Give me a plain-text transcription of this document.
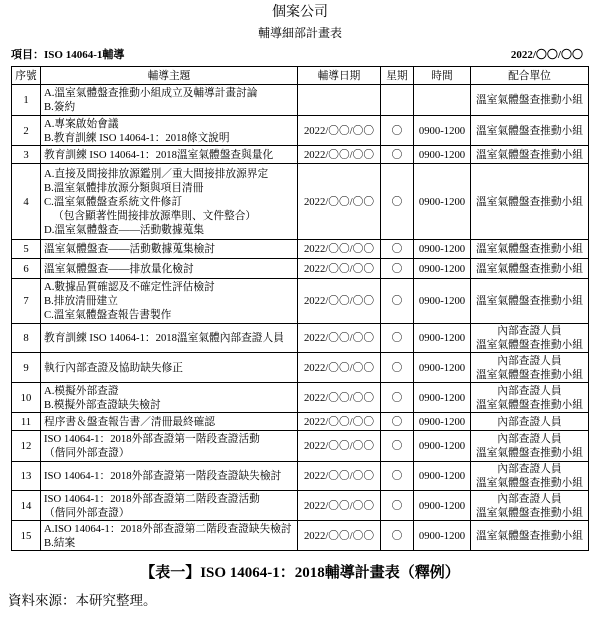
個案公司
輔導細部計畫表
項目：ISO 14064-1輔導	2022/〇〇/〇〇
序號	輔導主題	輔導日期	星期	時間	配合單位
1	A.溫室氣體盤查推動小組成立及輔導計畫討論
B.簽約				溫室氣體盤查推動小組

2	A.專案啟始會議
B.教育訓練 ISO 14064-1：2018條文說明	2022/〇〇/〇〇	〇	0900-1200	溫室氣體盤查推動小組

3	教育訓練 ISO 14064-1：2018溫室氣體盤查與量化	2022/〇〇/〇〇	〇	0900-1200	溫室氣體盤查推動小組

4	A.直接及間接排放源鑑別／重大間接排放源界定
B.溫室氣體排放源分類與項目清冊
C.溫室氣體盤查系統文件修訂
（包含顯著性間接排放源準則、文件整合）
D.溫室氣體盤查——活動數據蒐集	2022/〇〇/〇〇	〇	0900-1200	溫室氣體盤查推動小組

5	溫室氣體盤查——活動數據蒐集檢討	2022/〇〇/〇〇	〇	0900-1200	溫室氣體盤查推動小組

6	溫室氣體盤查——排放量化檢討	2022/〇〇/〇〇	〇	0900-1200	溫室氣體盤查推動小組

7	A.數據品質確認及不確定性評估檢討
B.排放清冊建立
C.溫室氣體盤查報告書製作	2022/〇〇/〇〇	〇	0900-1200	溫室氣體盤查推動小組

8	教育訓練 ISO 14064-1：2018溫室氣體內部查證人員	2022/〇〇/〇〇	〇	0900-1200	內部查證人員
溫室氣體盤查推動小組

9	執行內部查證及協助缺失修正	2022/〇〇/〇〇	〇	0900-1200	內部查證人員
溫室氣體盤查推動小組

10	A.模擬外部查證
B.模擬外部查證缺失檢討	2022/〇〇/〇〇	〇	0900-1200	內部查證人員
溫室氣體盤查推動小組

11	程序書＆盤查報告書／清冊最終確認	2022/〇〇/〇〇	〇	0900-1200	內部查證人員

12	ISO 14064-1：2018外部查證第一階段查證活動
（偕同外部查證）	2022/〇〇/〇〇	〇	0900-1200	內部查證人員
溫室氣體盤查推動小組

13	ISO 14064-1：2018外部查證第一階段查證缺失檢討	2022/〇〇/〇〇	〇	0900-1200	內部查證人員
溫室氣體盤查推動小組

14	ISO 14064-1：2018外部查證第二階段查證活動
（偕同外部查證）	2022/〇〇/〇〇	〇	0900-1200	內部查證人員
溫室氣體盤查推動小組

15	A.ISO 14064-1：2018外部查證第二階段查證缺失檢討
B.結案	2022/〇〇/〇〇	〇	0900-1200	溫室氣體盤查推動小組
【表一】ISO 14064-1：2018輔導計畫表（釋例）
資料來源：本研究整理。
